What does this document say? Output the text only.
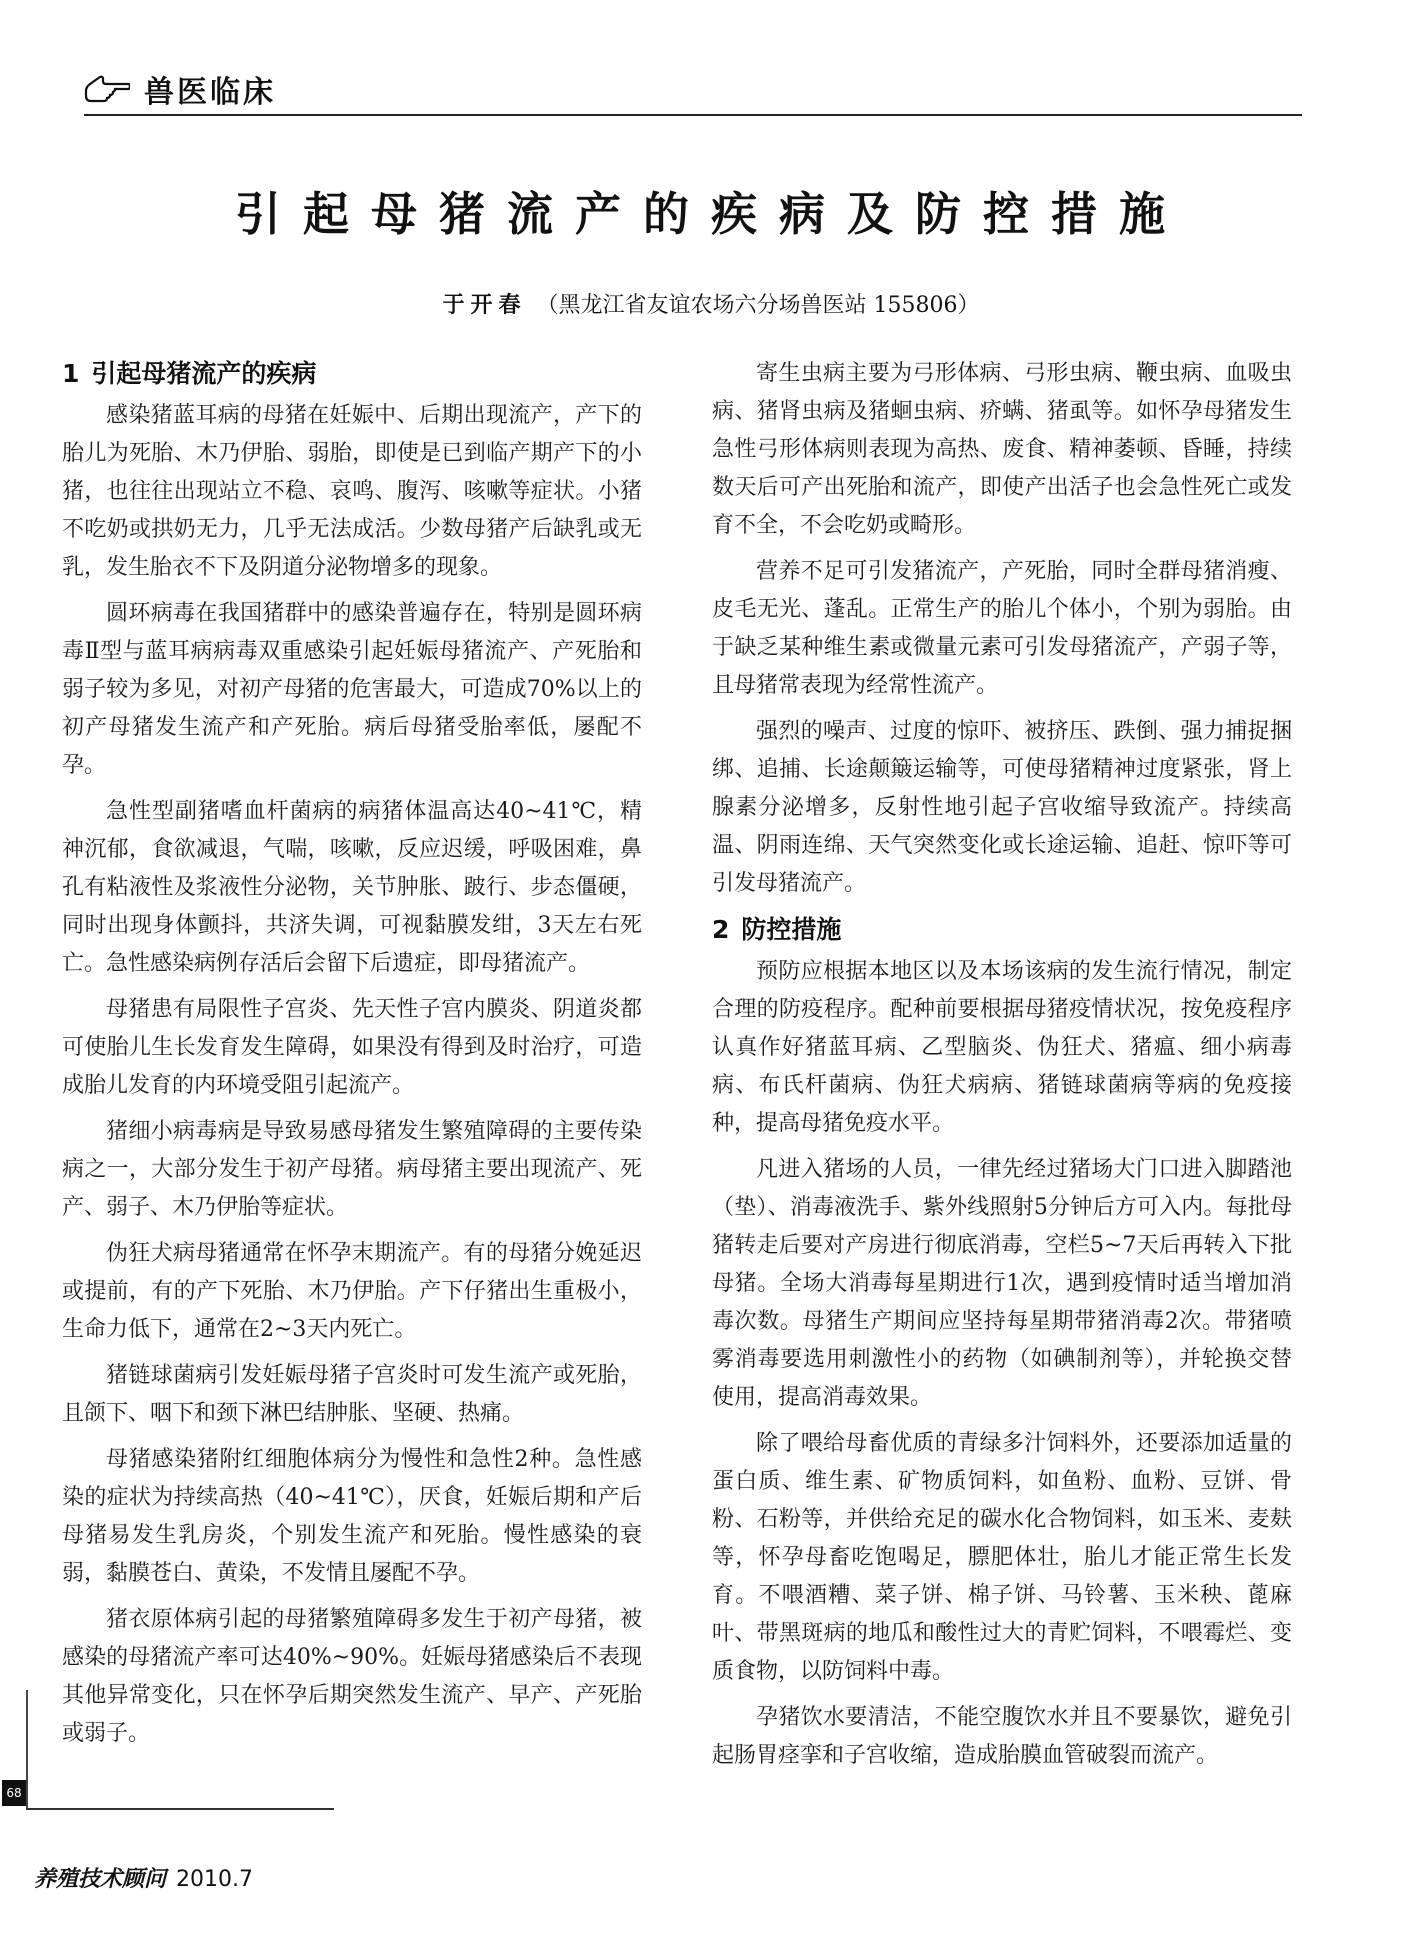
兽医临床
引起母猪流产的疾病及防控措施
于开春 （黑龙江省友谊农场六分场兽医站 155806）
1 引起母猪流产的疾病

感染猪蓝耳病的母猪在妊娠中、后期出现流产，产下的胎儿为死胎、木乃伊胎、弱胎，即使是已到临产期产下的小猪，也往往出现站立不稳、哀鸣、腹泻、咳嗽等症状。小猪不吃奶或拱奶无力，几乎无法成活。少数母猪产后缺乳或无乳，发生胎衣不下及阴道分泌物增多的现象。

圆环病毒在我国猪群中的感染普遍存在，特别是圆环病毒Ⅱ型与蓝耳病病毒双重感染引起妊娠母猪流产、产死胎和弱子较为多见，对初产母猪的危害最大，可造成70%以上的初产母猪发生流产和产死胎。病后母猪受胎率低，屡配不孕。

急性型副猪嗜血杆菌病的病猪体温高达40~41℃，精神沉郁，食欲减退，气喘，咳嗽，反应迟缓，呼吸困难，鼻孔有粘液性及浆液性分泌物，关节肿胀、跛行、步态僵硬，同时出现身体颤抖，共济失调，可视黏膜发绀，3天左右死亡。急性感染病例存活后会留下后遗症，即母猪流产。

母猪患有局限性子宫炎、先天性子宫内膜炎、阴道炎都可使胎儿生长发育发生障碍，如果没有得到及时治疗，可造成胎儿发育的内环境受阻引起流产。

猪细小病毒病是导致易感母猪发生繁殖障碍的主要传染病之一，大部分发生于初产母猪。病母猪主要出现流产、死产、弱子、木乃伊胎等症状。

伪狂犬病母猪通常在怀孕末期流产。有的母猪分娩延迟或提前，有的产下死胎、木乃伊胎。产下仔猪出生重极小，生命力低下，通常在2~3天内死亡。

猪链球菌病引发妊娠母猪子宫炎时可发生流产或死胎，且颌下、咽下和颈下淋巴结肿胀、坚硬、热痛。

母猪感染猪附红细胞体病分为慢性和急性2种。急性感染的症状为持续高热（40~41℃），厌食，妊娠后期和产后母猪易发生乳房炎，个别发生流产和死胎。慢性感染的衰弱，黏膜苍白、黄染，不发情且屡配不孕。

猪衣原体病引起的母猪繁殖障碍多发生于初产母猪，被感染的母猪流产率可达40%~90%。妊娠母猪感染后不表现其他异常变化，只在怀孕后期突然发生流产、早产、产死胎或弱子。

寄生虫病主要为弓形体病、弓形虫病、鞭虫病、血吸虫病、猪肾虫病及猪蛔虫病、疥螨、猪虱等。如怀孕母猪发生急性弓形体病则表现为高热、废食、精神萎顿、昏睡，持续数天后可产出死胎和流产，即使产出活子也会急性死亡或发育不全，不会吃奶或畸形。

营养不足可引发猪流产，产死胎，同时全群母猪消瘦、皮毛无光、蓬乱。正常生产的胎儿个体小，个别为弱胎。由于缺乏某种维生素或微量元素可引发母猪流产，产弱子等，且母猪常表现为经常性流产。

强烈的噪声、过度的惊吓、被挤压、跌倒、强力捕捉捆绑、追捕、长途颠簸运输等，可使母猪精神过度紧张，肾上腺素分泌增多，反射性地引起子宫收缩导致流产。持续高温、阴雨连绵、天气突然变化或长途运输、追赶、惊吓等可引发母猪流产。

2 防控措施

预防应根据本地区以及本场该病的发生流行情况，制定合理的防疫程序。配种前要根据母猪疫情状况，按免疫程序认真作好猪蓝耳病、乙型脑炎、伪狂犬、猪瘟、细小病毒病、布氏杆菌病、伪狂犬病病、猪链球菌病等病的免疫接种，提高母猪免疫水平。

凡进入猪场的人员，一律先经过猪场大门口进入脚踏池（垫）、消毒液洗手、紫外线照射5分钟后方可入内。每批母猪转走后要对产房进行彻底消毒，空栏5~7天后再转入下批母猪。全场大消毒每星期进行1次，遇到疫情时适当增加消毒次数。母猪生产期间应坚持每星期带猪消毒2次。带猪喷雾消毒要选用刺激性小的药物（如碘制剂等），并轮换交替使用，提高消毒效果。

除了喂给母畜优质的青绿多汁饲料外，还要添加适量的蛋白质、维生素、矿物质饲料，如鱼粉、血粉、豆饼、骨粉、石粉等，并供给充足的碳水化合物饲料，如玉米、麦麸等，怀孕母畜吃饱喝足，膘肥体壮，胎儿才能正常生长发育。不喂酒糟、菜子饼、棉子饼、马铃薯、玉米秧、蓖麻叶、带黑斑病的地瓜和酸性过大的青贮饲料，不喂霉烂、变质食物，以防饲料中毒。

孕猪饮水要清洁，不能空腹饮水并且不要暴饮，避免引起肠胃痉挛和子宫收缩，造成胎膜血管破裂而流产。

68
养殖技术顾问 2010.7
